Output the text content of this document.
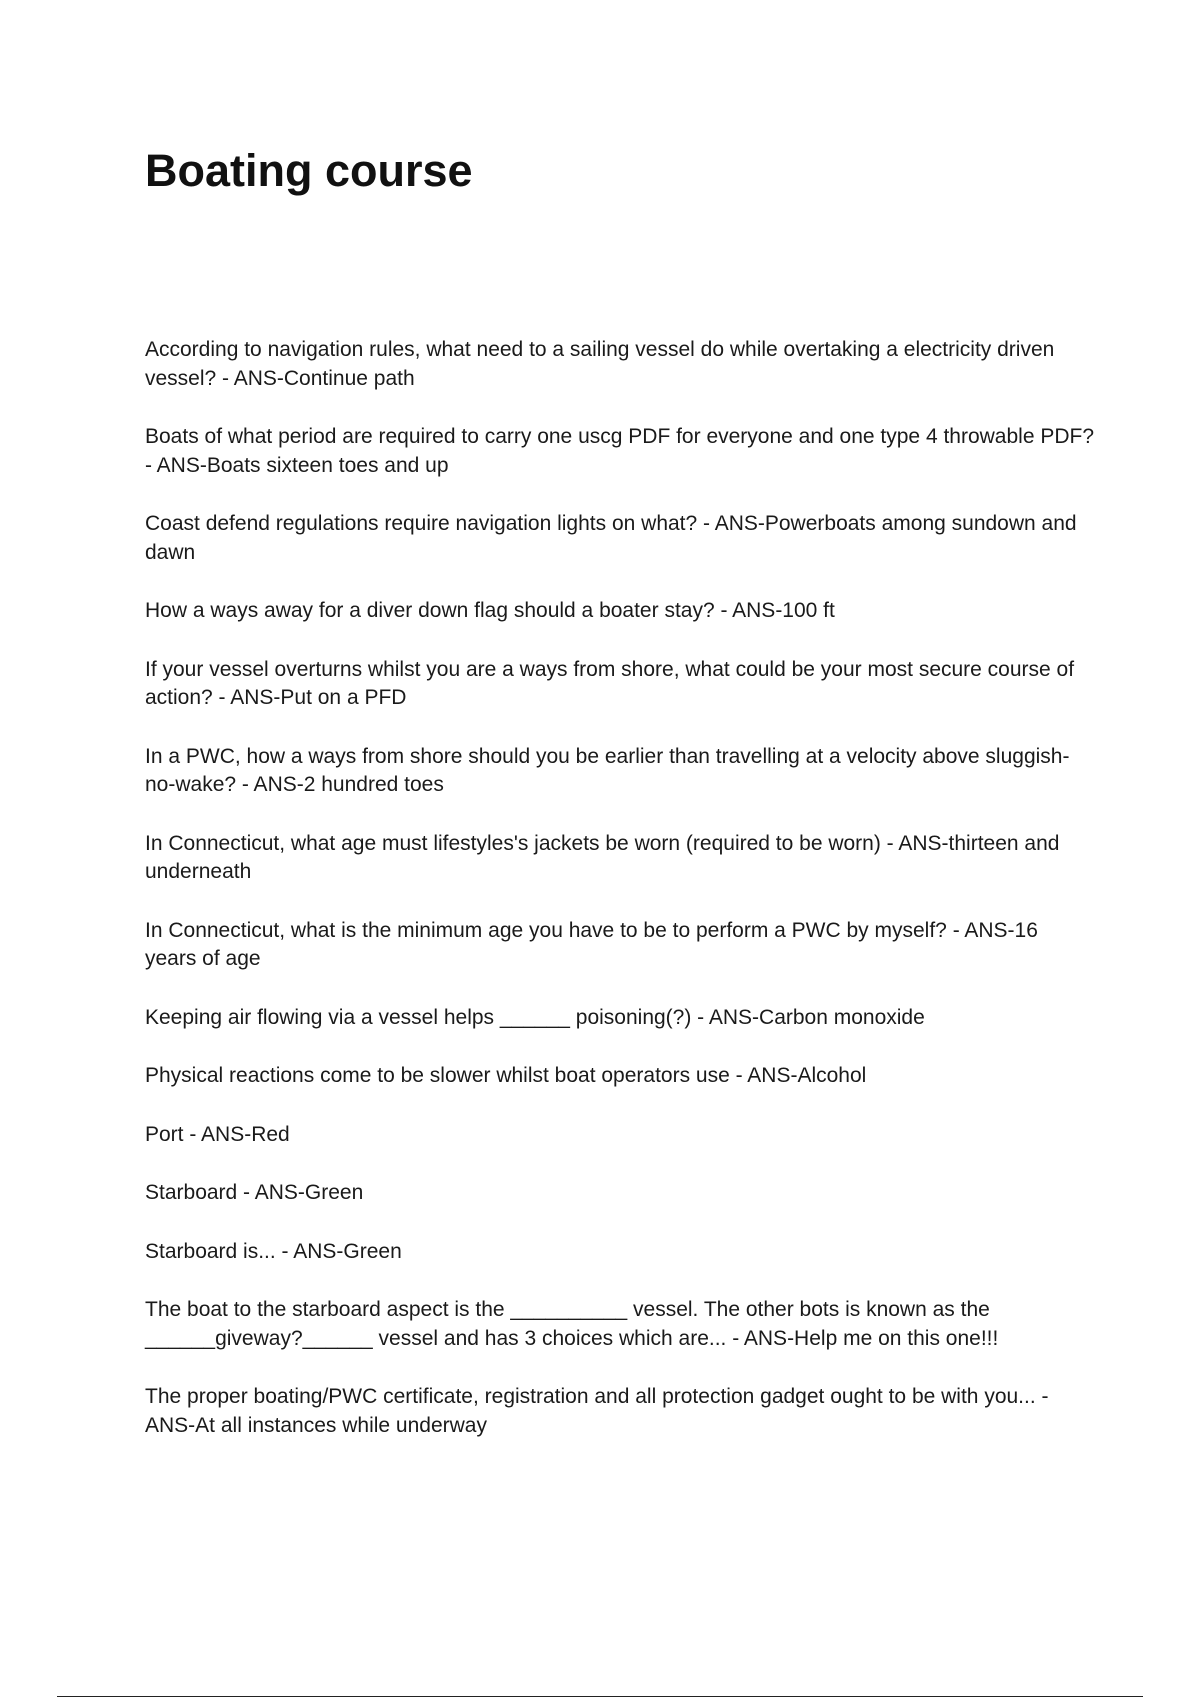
Boating course
According to navigation rules, what need to a sailing vessel do while overtaking a electricity driven vessel? - ANS-Continue path
Boats of what period are required to carry one uscg PDF for everyone and one type 4 throwable PDF? - ANS-Boats sixteen toes and up
Coast defend regulations require navigation lights on what? - ANS-Powerboats among sundown and dawn
How a ways away for a diver down flag should a boater stay? - ANS-100 ft
If your vessel overturns whilst you are a ways from shore, what could be your most secure course of action? - ANS-Put on a PFD
In a PWC, how a ways from shore should you be earlier than travelling at a velocity above sluggish-no-wake? - ANS-2 hundred toes
In Connecticut, what age must lifestyles's jackets be worn (required to be worn) - ANS-thirteen and underneath
In Connecticut, what is the minimum age you have to be to perform a PWC by myself? - ANS-16 years of age
Keeping air flowing via a vessel helps ______ poisoning(?) - ANS-Carbon monoxide
Physical reactions come to be slower whilst boat operators use - ANS-Alcohol
Port - ANS-Red
Starboard - ANS-Green
Starboard is... - ANS-Green
The boat to the starboard aspect is the __________ vessel. The other bots is known as the ______giveway?______ vessel and has 3 choices which are... - ANS-Help me on this one!!!
The proper boating/PWC certificate, registration and all protection gadget ought to be with you... - ANS-At all instances while underway
